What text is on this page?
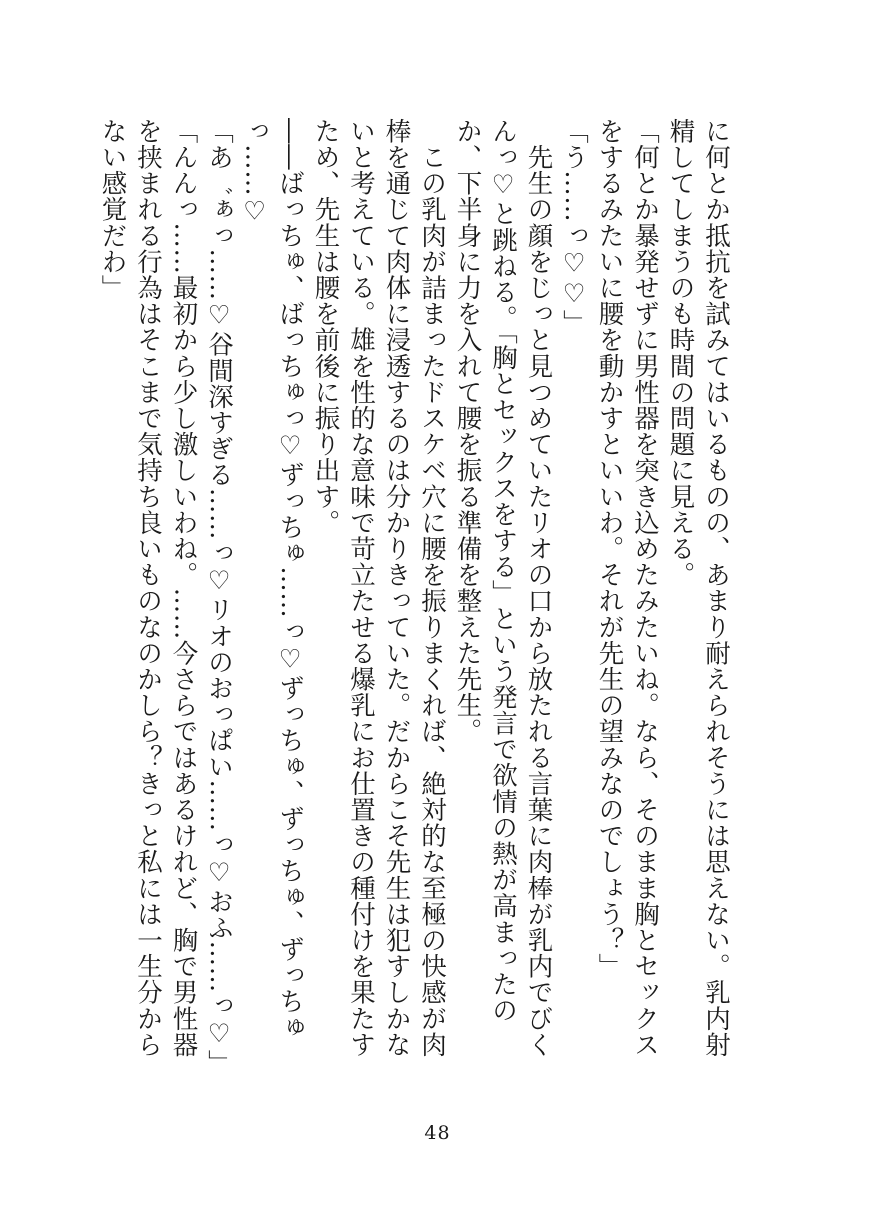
に何とか抵抗を試みてはいるものの、あまり耐えられそうには思えない。乳内射精してしまうのも時間の問題に見える。

「何とか暴発せずに男性器を突き込めたみたいね。なら、そのまま胸とセックスをするみたいに腰を動かすといいわ。それが先生の望みなのでしょう？」

「う……っ♡♡」

　先生の顔をじっと見つめていたリオの口から放たれる言葉に肉棒が乳内でびくんっ♡と跳ねる。「胸とセックスをする」という発言で欲情の熱が高まったのか、下半身に力を入れて腰を振る準備を整えた先生。

　この乳肉が詰まったドスケベ穴に腰を振りまくれば、絶対的な至極の快感が肉棒を通じて肉体に浸透するのは分かりきっていた。だからこそ先生は犯すしかないと考えている。雄を性的な意味で苛立たせる爆乳にお仕置きの種付けを果たすため、先生は腰を前後に振り出す。

――ばっちゅ、ばっちゅっ♡ずっちゅ……っ♡ずっちゅ、ずっちゅ、ずっちゅっ……♡

「あ゛ぁっ……♡谷間深すぎる……っ♡リオのおっぱい……っ♡おふ……っ♡」

「んんっ……最初から少し激しいわね。……今さらではあるけれど、胸で男性器を挟まれる行為はそこまで気持ち良いものなのかしら？きっと私には一生分からない感覚だわ」

48
